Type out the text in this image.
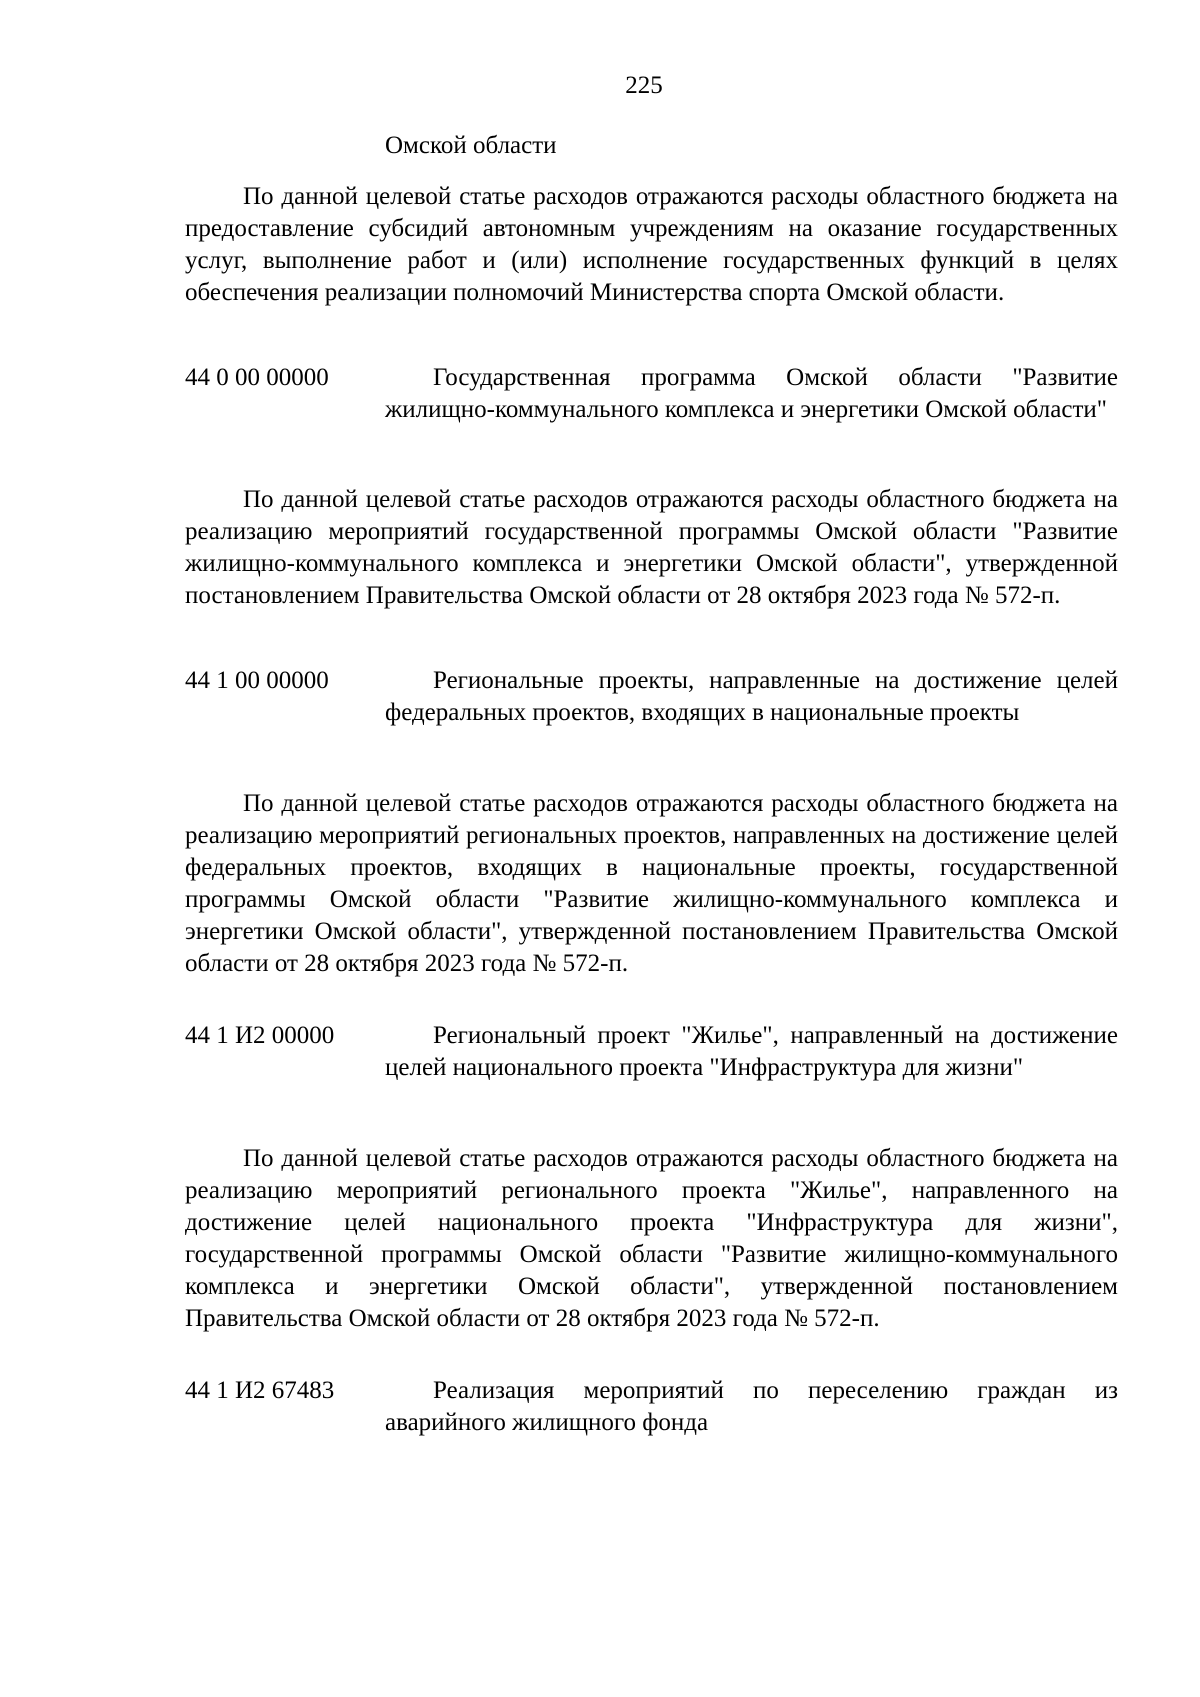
225
Омской области

По данной целевой статье расходов отражаются расходы областного бюджета на предоставление субсидий автономным учреждениям на оказание государственных услуг, выполнение работ и (или) исполнение государственных функций в целях обеспечения реализации полномочий Министерства спорта Омской области.

44 0 00 00000	Государственная программа Омской области "Развитие жилищно-коммунального комплекса и энергетики Омской области"

По данной целевой статье расходов отражаются расходы областного бюджета на реализацию мероприятий государственной программы Омской области "Развитие жилищно-коммунального комплекса и энергетики Омской области", утвержденной постановлением Правительства Омской области от 28 октября 2023 года № 572-п.

44 1 00 00000	Региональные проекты, направленные на достижение целей федеральных проектов, входящих в национальные проекты

По данной целевой статье расходов отражаются расходы областного бюджета на реализацию мероприятий региональных проектов, направленных на достижение целей федеральных проектов, входящих в национальные проекты, государственной программы Омской области "Развитие жилищно-коммунального комплекса и энергетики Омской области", утвержденной постановлением Правительства Омской области от 28 октября 2023 года № 572-п.

44 1 И2 00000	Региональный проект "Жилье", направленный на достижение целей национального проекта "Инфраструктура для жизни"

По данной целевой статье расходов отражаются расходы областного бюджета на реализацию мероприятий регионального проекта "Жилье", направленного на достижение целей национального проекта "Инфраструктура для жизни", государственной программы Омской области "Развитие жилищно-коммунального комплекса и энергетики Омской области", утвержденной постановлением Правительства Омской области от 28 октября 2023 года № 572-п.

44 1 И2 67483	Реализация мероприятий по переселению граждан из аварийного жилищного фонда
